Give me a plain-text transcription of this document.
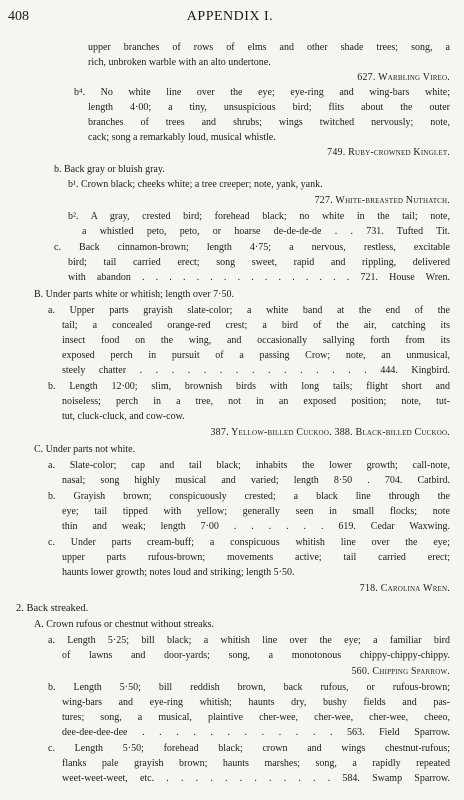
408	APPENDIX I.
upper branches of rows of elms and other shade trees; song, a
rich, unbroken warble with an alto undertone.
627. Warbling Vireo.
b⁴. No white line over the eye; eye-ring and wing-bars white;
length 4·00; a tiny, unsuspicious bird; flits about the outer
branches of trees and shrubs; wings twitched nervously; note,
cack; song a remarkably loud, musical whistle.
749. Ruby-crowned Kinglet.
b. Back gray or bluish gray.
b¹. Crown black; cheeks white; a tree creeper; note, yank, yank.
727. White-breasted Nuthatch.
b². A gray, crested bird; forehead black; no white in the tail; note,
a whistled peto, peto, or hoarse de-de-de-de . . 731. Tufted Tit.
c. Back cinnamon-brown; length 4·75; a nervous, restless, excitable
bird; tail carried erect; song sweet, rapid and rippling, delivered
with abandon . . . . . . . . . . . . . . . . 721. House Wren.
B. Under parts white or whitish; length over 7·50.
a. Upper parts grayish slate-color; a white band at the end of the
tail; a concealed orange-red crest; a bird of the air, catching its
insect food on the wing, and occasionally sallying forth from its
exposed perch in pursuit of a passing Crow; note, an unmusical,
steely chatter . . . . . . . . . . . . . . . 444. Kingbird.
b. Length 12·00; slim, brownish birds with long tails; flight short and
noiseless; perch in a tree, not in an exposed position; note, tut-
tut, cluck-cluck, and cow-cow.
387. Yellow-billed Cuckoo. 388. Black-billed Cuckoo.
C. Under parts not white.
a. Slate-color; cap and tail black; inhabits the lower growth; call-note,
nasal; song highly musical and varied; length 8·50 . 704. Catbird.
b. Grayish brown; conspicuously crested; a black line through the
eye; tail tipped with yellow; generally seen in small flocks; note
thin and weak; length 7·00 . . . . . . 619. Cedar Waxwing.
c. Under parts cream-buff; a conspicuous whitish line over the eye;
upper parts rufous-brown; movements active; tail carried erect;
haunts lower growth; notes loud and striking; length 5·50.
718. Carolina Wren.
2. Back streaked.
A. Crown rufous or chestnut without streaks.
a. Length 5·25; bill black; a whitish line over the eye; a familiar bird
of lawns and door-yards; song, a monotonous chippy-chippy-chippy.
560. Chipping Sparrow.
b. Length 5·50; bill reddish brown, back rufous, or rufous-brown;
wing-bars and eye-ring whitish; haunts dry, bushy fields and pas-
tures; song, a musical, plaintive cher-wee, cher-wee, cher-wee, cheeo,
dee-dee-dee-dee . . . . . . . . . . . . 563. Field Sparrow.
c. Length 5·50; forehead black; crown and wings chestnut-rufous;
flanks pale grayish brown; haunts marshes; song, a rapidly repeated
weet-weet-weet, etc. . . . . . . . . . . . . 584. Swamp Sparrow.
